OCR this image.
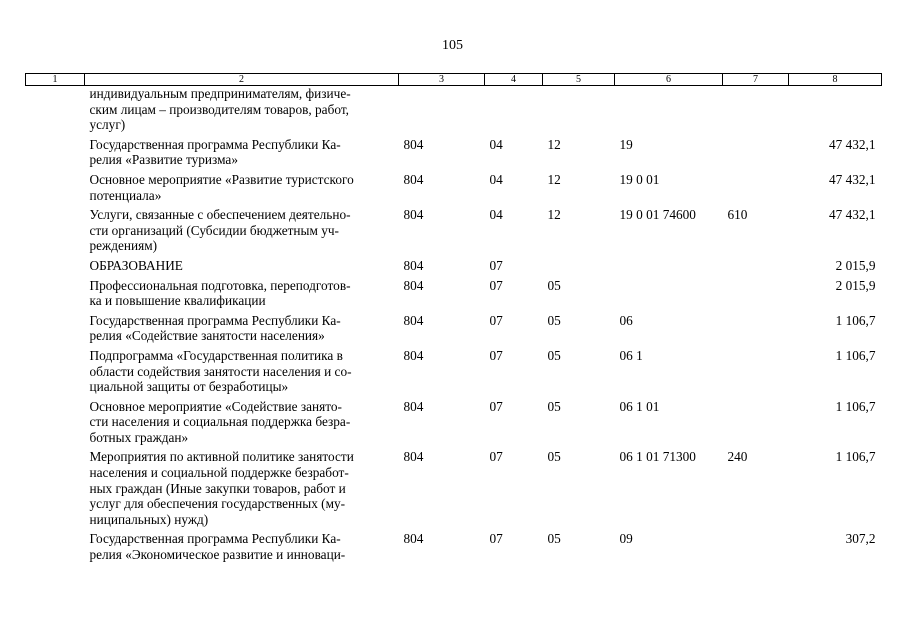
105
1	2	3	4	5	6	7	8
	индивидуальным предпринимателям, физиче-
ским лицам – производителям товаров, работ,
услуг)						
	Государственная программа Республики Ка-
релия «Развитие туризма»	804	04	12	19		47 432,1
	Основное мероприятие «Развитие туристского
потенциала»	804	04	12	19 0 01		47 432,1
	Услуги, связанные с обеспечением деятельно-
сти организаций (Субсидии бюджетным уч-
реждениям)	804	04	12	19 0 01 74600	610	47 432,1
	ОБРАЗОВАНИЕ	804	07				2 015,9
	Профессиональная подготовка, переподготов-
ка и повышение квалификации	804	07	05			2 015,9
	Государственная программа Республики Ка-
релия «Содействие занятости населения»	804	07	05	06		1 106,7
	Подпрограмма «Государственная политика в
области содействия занятости населения и со-
циальной защиты от безработицы»	804	07	05	06 1		1 106,7
	Основное мероприятие «Содействие занято-
сти населения и социальная поддержка безра-
ботных граждан»	804	07	05	06 1 01		1 106,7
	Мероприятия по активной политике занятости
населения и социальной поддержке безработ-
ных граждан (Иные закупки товаров, работ и
услуг для обеспечения государственных (му-
ниципальных) нужд)	804	07	05	06 1 01 71300	240	1 106,7
	Государственная программа Республики Ка-
релия «Экономическое развитие и инноваци-	804	07	05	09		307,2
